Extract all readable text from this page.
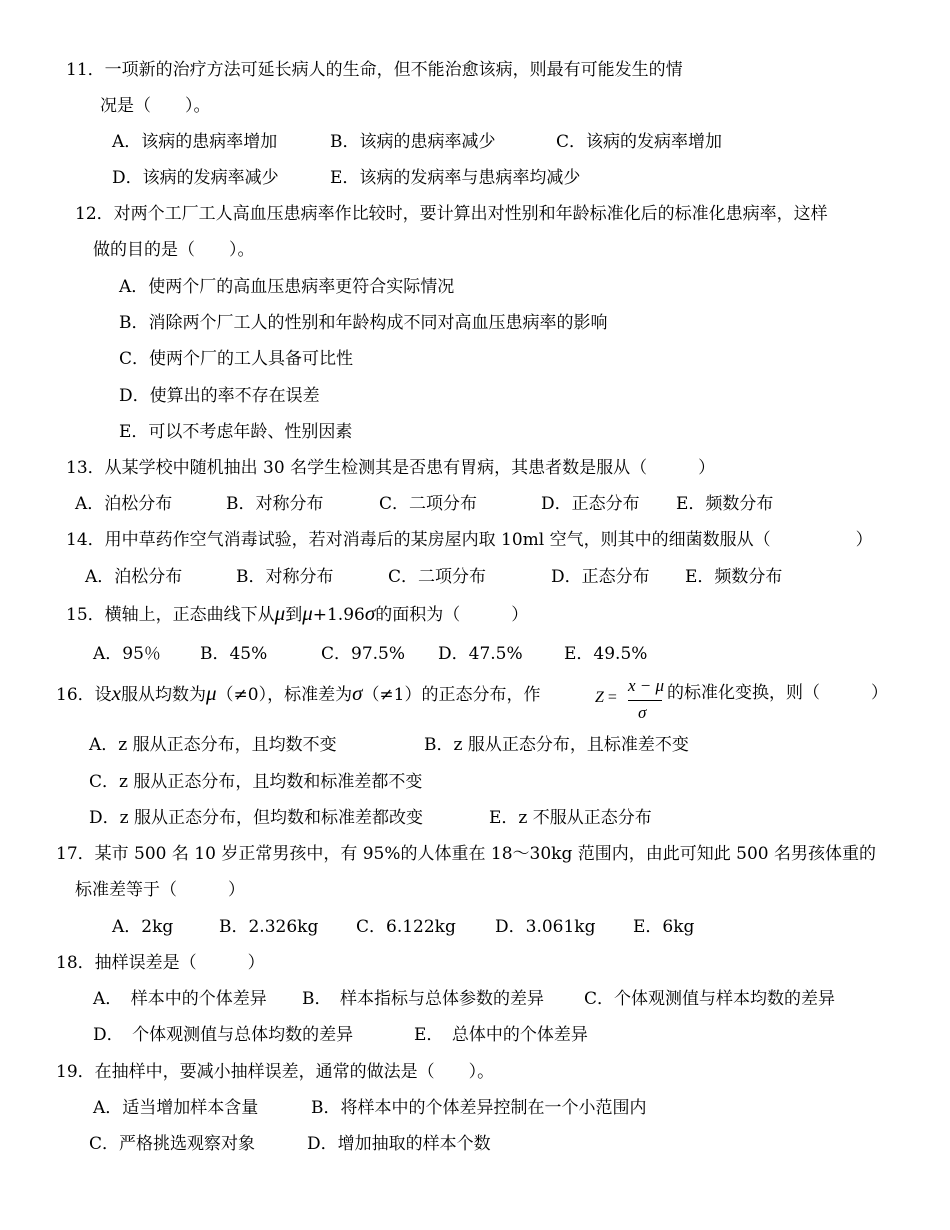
11．一项新的治疗方法可延长病人的生命，但不能治愈该病，则最有可能发生的情
况是（　　）。
A．该病的患病率增加	B．该病的患病率减少	C．该病的发病率增加
D．该病的发病率减少	E．该病的发病率与患病率均减少
12．对两个工厂工人高血压患病率作比较时，要计算出对性别和年龄标准化后的标准化患病率，这样
做的目的是（　　）。
A．使两个厂的高血压患病率更符合实际情况
B．消除两个厂工人的性别和年龄构成不同对高血压患病率的影响
C．使两个厂的工人具备可比性
D．使算出的率不存在误差
E．可以不考虑年龄、性别因素
13．从某学校中随机抽出 30 名学生检测其是否患有胃病，其患者数是服从（　　　）
A．泊松分布	B．对称分布	C．二项分布	D．正态分布 E．频数分布
14．用中草药作空气消毒试验，若对消毒后的某房屋内取 10ml 空气，则其中的细菌数服从（　　　　　）
A．泊松分布	B．对称分布	C．二项分布	D．正态分布 E．频数分布
15．横轴上，正态曲线下从μ到μ+1.96σ的面积为（　　　）
A．95％ B．45%	C．97.5% D．47.5% E．49.5%
16．设x服从均数为μ（≠0），标准差为σ（≠1）的正态分布，作	Z =
x − μ
σ
的标准化变换，则（　　　）
A．z 服从正态分布，且均数不变	B．z 服从正态分布，且标准差不变
C．z 服从正态分布，且均数和标准差都不变
D．z 服从正态分布，但均数和标准差都改变	E．z 不服从正态分布
17．某市 500 名 10 岁正常男孩中，有 95%的人体重在 18～30kg 范围内，由此可知此 500 名男孩体重的
标准差等于（　　　）
A．2kg	B．2.326kg C．6.122kg D．3.061kg E．6kg
18．抽样误差是（　　　）
A．　样本中的个体差异 B．　样本指标与总体参数的差异 C．个体观测值与样本均数的差异
D．　个体观测值与总体均数的差异	E．　总体中的个体差异
19．在抽样中，要减小抽样误差，通常的做法是（　　）。
A．适当增加样本含量	B．将样本中的个体差异控制在一个小范围内
C．严格挑选观察对象	D．增加抽取的样本个数
